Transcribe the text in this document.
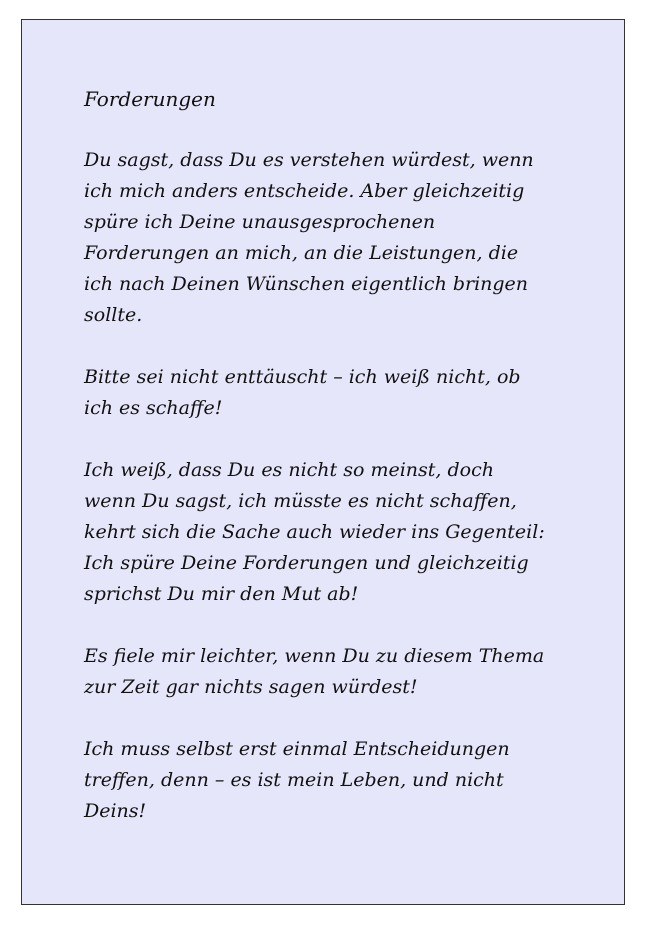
Forderungen

Du sagst, dass Du es verstehen würdest, wenn
ich mich anders entscheide. Aber gleichzeitig
spüre ich Deine unausgesprochenen
Forderungen an mich, an die Leistungen, die
ich nach Deinen Wünschen eigentlich bringen
sollte.

Bitte sei nicht enttäuscht – ich weiß nicht, ob
ich es schaffe!

Ich weiß, dass Du es nicht so meinst, doch
wenn Du sagst, ich müsste es nicht schaffen,
kehrt sich die Sache auch wieder ins Gegenteil:
Ich spüre Deine Forderungen und gleichzeitig
sprichst Du mir den Mut ab!

Es fiele mir leichter, wenn Du zu diesem Thema
zur Zeit gar nichts sagen würdest!

Ich muss selbst erst einmal Entscheidungen
treffen, denn – es ist mein Leben, und nicht
Deins!
